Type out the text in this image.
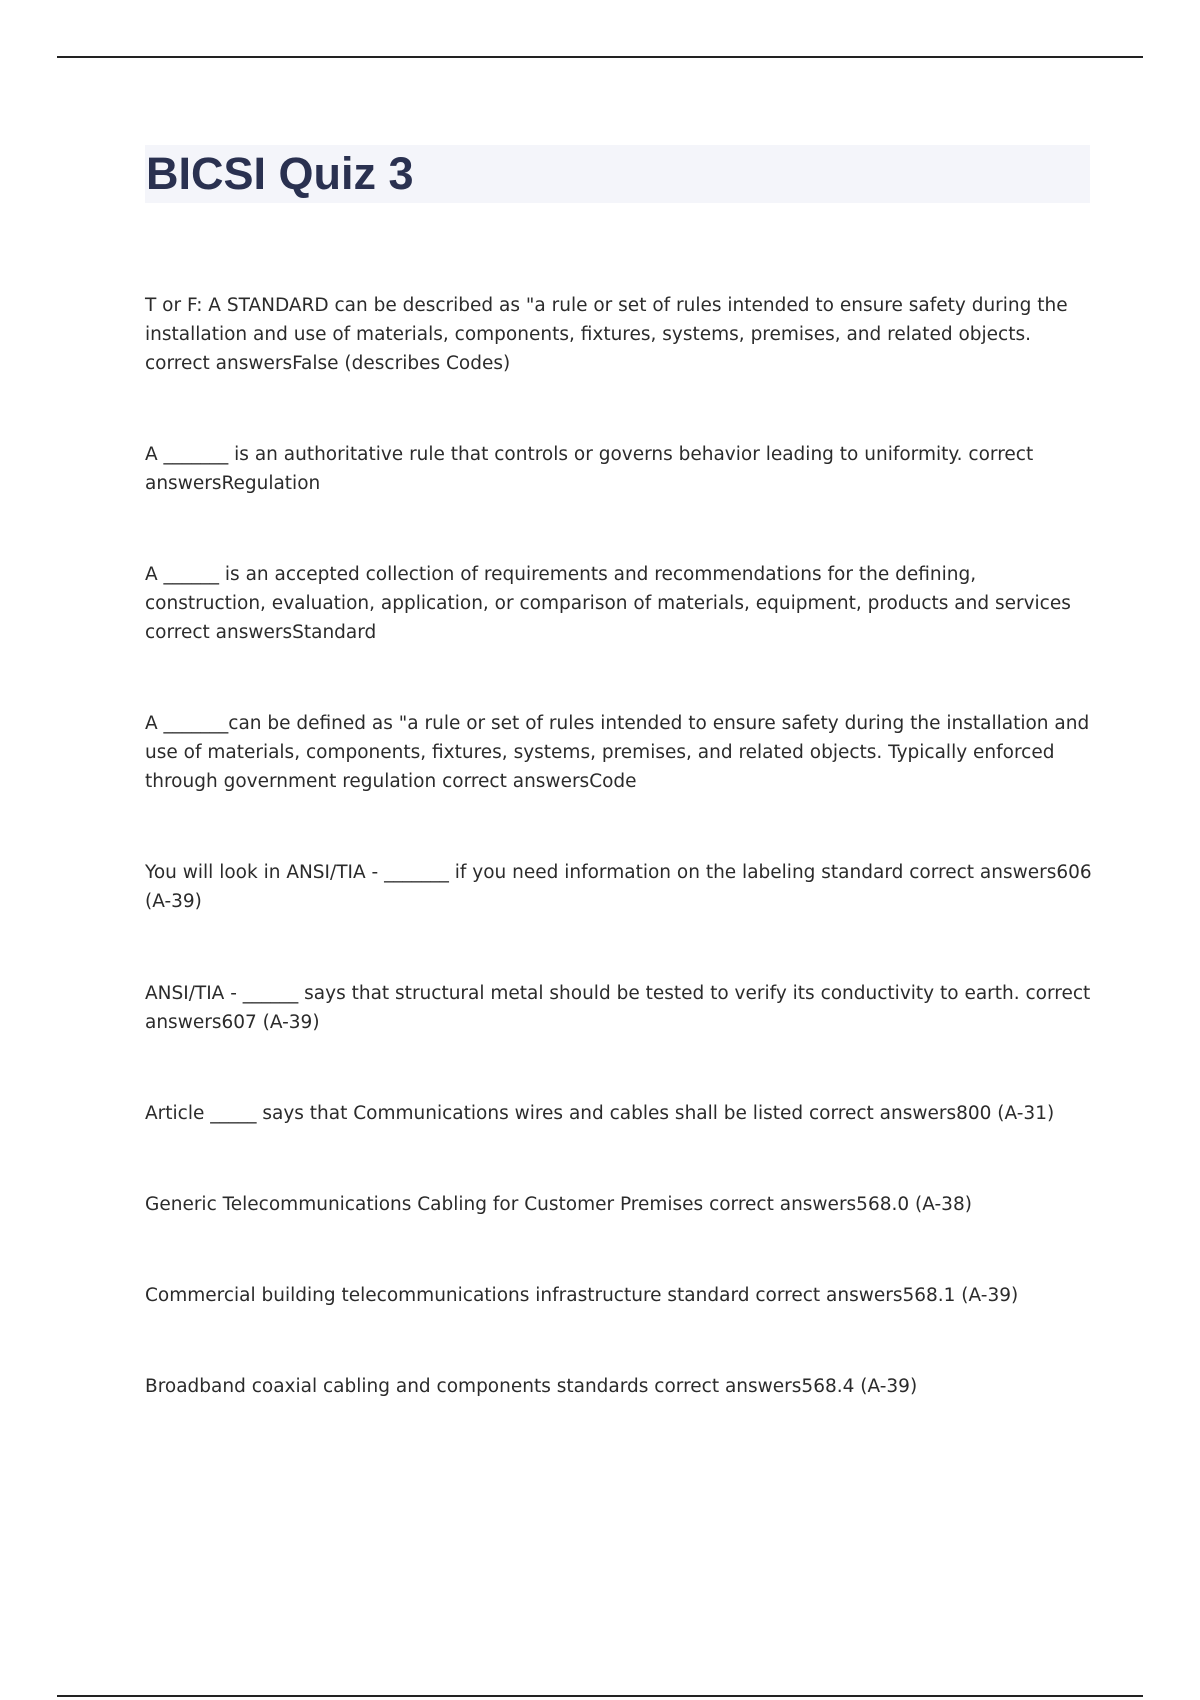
BICSI Quiz 3

T or F: A STANDARD can be described as "a rule or set of rules intended to ensure safety during the installation and use of materials, components, fixtures, systems, premises, and related objects. correct answersFalse (describes Codes)

A _______ is an authoritative rule that controls or governs behavior leading to uniformity. correct answersRegulation

A ______ is an accepted collection of requirements and recommendations for the defining, construction, evaluation, application, or comparison of materials, equipment, products and services correct answersStandard

A _______can be defined as "a rule or set of rules intended to ensure safety during the installation and use of materials, components, fixtures, systems, premises, and related objects. Typically enforced through government regulation correct answersCode

You will look in ANSI/TIA - _______ if you need information on the labeling standard correct answers606 (A-39)

ANSI/TIA - ______ says that structural metal should be tested to verify its conductivity to earth. correct answers607 (A-39)

Article _____ says that Communications wires and cables shall be listed correct answers800 (A-31)

Generic Telecommunications Cabling for Customer Premises correct answers568.0 (A-38)

Commercial building telecommunications infrastructure standard correct answers568.1 (A-39)

Broadband coaxial cabling and components standards correct answers568.4 (A-39)
